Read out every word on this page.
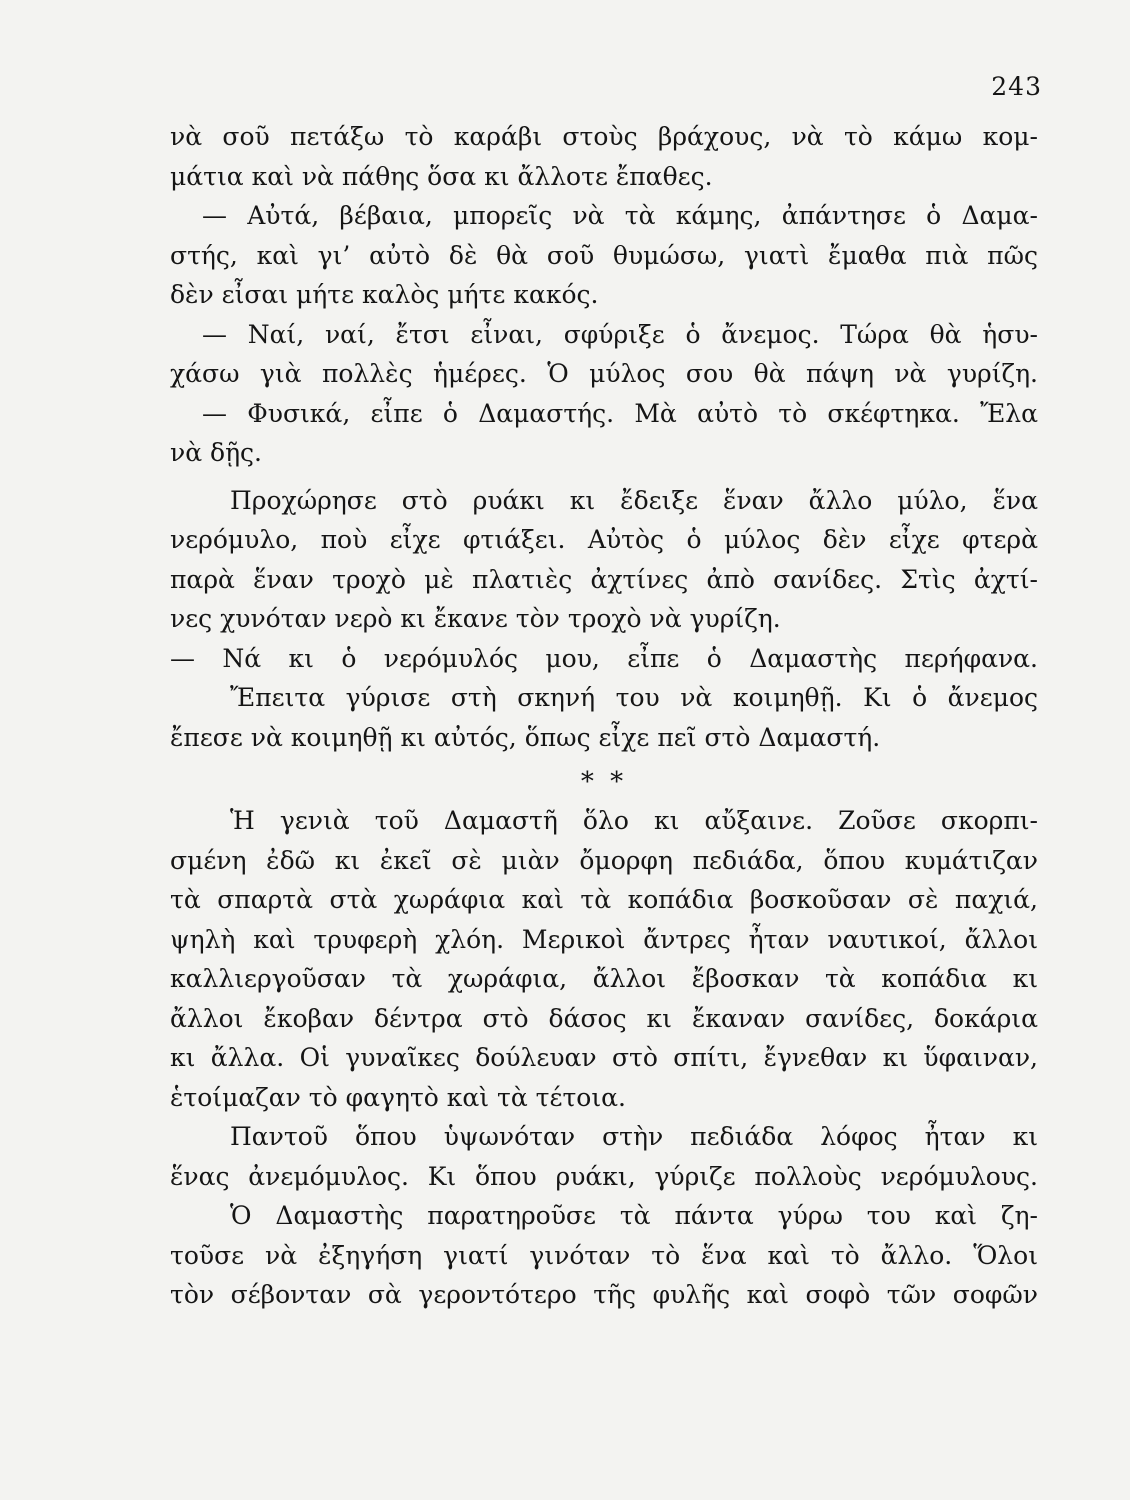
243
νὰ σοῦ πετάξω τὸ καράβι στοὺς βράχους, νὰ τὸ κάμω κομ-
μάτια καὶ νὰ πάθης ὅσα κι ἄλλοτε ἔπαθες.
— Αὐτά, βέβαια, μπορεῖς νὰ τὰ κάμης, ἀπάντησε ὁ Δαμα-
στής, καὶ γι’ αὐτὸ δὲ θὰ σοῦ θυμώσω, γιατὶ ἔμαθα πιὰ πῶς
δὲν εἶσαι μήτε καλὸς μήτε κακός.
— Ναί, ναί, ἔτσι εἶναι, σφύριξε ὁ ἄνεμος. Τώρα θὰ ἡσυ-
χάσω γιὰ πολλὲς ἡμέρες. Ὁ μύλος σου θὰ πάψη νὰ γυρίζη.
— Φυσικά, εἶπε ὁ Δαμαστής. Μὰ αὐτὸ τὸ σκέφτηκα. Ἔλα
νὰ δῇς.
Προχώρησε στὸ ρυάκι κι ἔδειξε ἕναν ἄλλο μύλο, ἕνα
νερόμυλο, ποὺ εἶχε φτιάξει. Αὐτὸς ὁ μύλος δὲν εἶχε φτερὰ
παρὰ ἕναν τροχὸ μὲ πλατιὲς ἀχτίνες ἀπὸ σανίδες. Στὶς ἀχτί-
νες χυνόταν νερὸ κι ἔκανε τὸν τροχὸ νὰ γυρίζη.
— Νά κι ὁ νερόμυλός μου, εἶπε ὁ Δαμαστὴς περήφανα.
Ἔπειτα γύρισε στὴ σκηνή του νὰ κοιμηθῇ. Κι ὁ ἄνεμος
ἔπεσε νὰ κοιμηθῇ κι αὐτός, ὅπως εἶχε πεῖ στὸ Δαμαστή.
* *
Ἡ γενιὰ τοῦ Δαμαστῆ ὅλο κι αὔξαινε. Ζοῦσε σκορπι-
σμένη ἐδῶ κι ἐκεῖ σὲ μιὰν ὄμορφη πεδιάδα, ὅπου κυμάτιζαν
τὰ σπαρτὰ στὰ χωράφια καὶ τὰ κοπάδια βοσκοῦσαν σὲ παχιά,
ψηλὴ καὶ τρυφερὴ χλόη. Μερικοὶ ἄντρες ἦταν ναυτικοί, ἄλλοι
καλλιεργοῦσαν τὰ χωράφια, ἄλλοι ἔβοσκαν τὰ κοπάδια κι
ἄλλοι ἔκοβαν δέντρα στὸ δάσος κι ἔκαναν σανίδες, δοκάρια
κι ἄλλα. Οἱ γυναῖκες δούλευαν στὸ σπίτι, ἔγνεθαν κι ὕφαιναν,
ἑτοίμαζαν τὸ φαγητὸ καὶ τὰ τέτοια.
Παντοῦ ὅπου ὑψωνόταν στὴν πεδιάδα λόφος ἦταν κι
ἕνας ἀνεμόμυλος. Κι ὅπου ρυάκι, γύριζε πολλοὺς νερόμυλους.
Ὁ Δαμαστὴς παρατηροῦσε τὰ πάντα γύρω του καὶ ζη-
τοῦσε νὰ ἐξηγήση γιατί γινόταν τὸ ἕνα καὶ τὸ ἄλλο. Ὅλοι
τὸν σέβονταν σὰ γεροντότερο τῆς φυλῆς καὶ σοφὸ τῶν σοφῶν
